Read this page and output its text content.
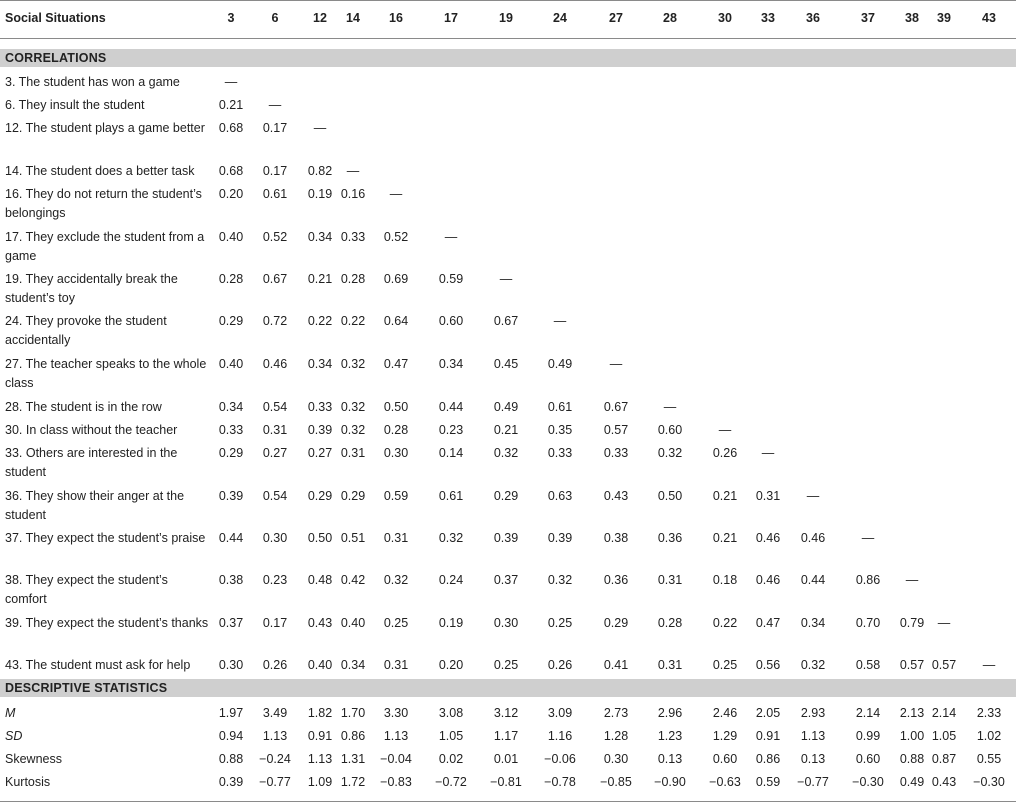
Social Situations	3	6	12	14	16	17	19	24	27	28	30	33	36	37	38	39	43
CORRELATIONS
DESCRIPTIVE STATISTICS
3. The student has won a game	—
6. They insult the student	0.21	—
12. The student plays a game better	0.68	0.17	—
14. The student does a better task	0.68	0.17	0.82	—
16. They do not return the student’s belongings
0.20	0.61	0.19 0.16	—
17. They exclude the student from a game
0.40	0.52	0.34 0.33	0.52	—
19. They accidentally break the student’s toy
0.28	0.67	0.21 0.28	0.69	0.59	—
24. They provoke the student accidentally
0.29	0.72	0.22 0.22	0.64	0.60	0.67	—
27. The teacher speaks to the whole class
0.40	0.46	0.34 0.32	0.47	0.34	0.45	0.49	—
28. The student is in the row	0.34	0.54	0.33 0.32	0.50	0.44	0.49	0.61	0.67	—
30. In class without the teacher	0.33	0.31	0.39 0.32	0.28	0.23	0.21	0.35	0.57	0.60	—
33. Others are interested in the student
0.29	0.27	0.27 0.31	0.30	0.14	0.32	0.33	0.33	0.32	0.26	—
36. They show their anger at the student
0.39	0.54	0.29 0.29	0.59	0.61	0.29	0.63	0.43	0.50	0.21	0.31	—
37. They expect the student’s praise	0.44	0.30	0.50 0.51	0.31	0.32	0.39	0.39	0.38	0.36	0.21	0.46	0.46	—
38. They expect the student’s comfort
0.38	0.23	0.48 0.42	0.32	0.24	0.37	0.32	0.36	0.31	0.18	0.46	0.44	0.86	—
39. They expect the student’s thanks 0.37	0.17	0.43 0.40	0.25	0.19	0.30	0.25	0.29	0.28	0.22	0.47	0.34	0.70	0.79	—
43. The student must ask for help	0.30	0.26	0.40 0.34	0.31	0.20	0.25	0.26	0.41	0.31	0.25	0.56	0.32	0.58	0.57 0.57	—
M	1.97	3.49	1.82 1.70	3.30	3.08	3.12	3.09	2.73	2.96	2.46	2.05	2.93	2.14	2.13 2.14	2.33
SD	0.94	1.13	0.91 0.86	1.13	1.05	1.17	1.16	1.28	1.23	1.29	0.91	1.13	0.99	1.00 1.05	1.02
Skewness	0.88	−0.24	1.13 1.31	−0.04	0.02	0.01	−0.06	0.30	0.13	0.60	0.86	0.13	0.60	0.88 0.87	0.55
Kurtosis	0.39	−0.77	1.09 1.72	−0.83	−0.72	−0.81	−0.78	−0.85	−0.90	−0.63	0.59	−0.77	−0.30	0.49 0.43	−0.30
